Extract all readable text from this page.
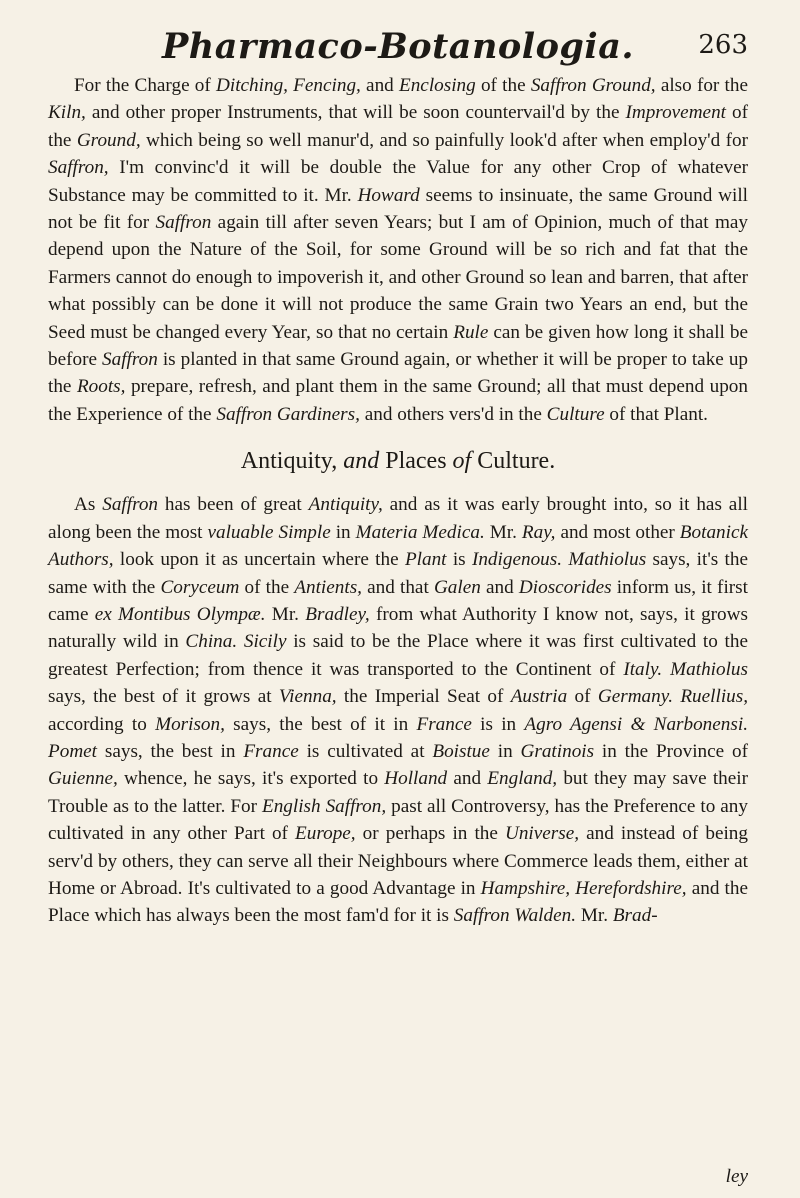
Pharmaco-Botanologia.	263

For the Charge of Ditching, Fencing, and Enclosing of the Saffron Ground, also for the Kiln, and other proper Instruments, that will be soon countervail'd by the Improvement of the Ground, which being so well manur'd, and so painfully look'd after when employ'd for Saffron, I'm convinc'd it will be double the Value for any other Crop of whatever Substance may be committed to it. Mr. Howard seems to insinuate, the same Ground will not be fit for Saffron again till after seven Years; but I am of Opinion, much of that may depend upon the Nature of the Soil, for some Ground will be so rich and fat that the Farmers cannot do enough to impoverish it, and other Ground so lean and barren, that after what possibly can be done it will not produce the same Grain two Years an end, but the Seed must be changed every Year, so that no certain Rule can be given how long it shall be before Saffron is planted in that same Ground again, or whether it will be proper to take up the Roots, prepare, refresh, and plant them in the same Ground; all that must depend upon the Experience of the Saffron Gardiners, and others vers'd in the Culture of that Plant.

Antiquity, and Places of Culture.

As Saffron has been of great Antiquity, and as it was early brought into, so it has all along been the most valuable Simple in Materia Medica. Mr. Ray, and most other Botanick Authors, look upon it as uncertain where the Plant is Indigenous. Mathiolus says, it's the same with the Coryceum of the Antients, and that Galen and Dioscorides inform us, it first came ex Montibus Olympæ. Mr. Bradley, from what Authority I know not, says, it grows naturally wild in China. Sicily is said to be the Place where it was first cultivated to the greatest Perfection; from thence it was transported to the Continent of Italy. Mathiolus says, the best of it grows at Vienna, the Imperial Seat of Austria of Germany. Ruellius, according to Morison, says, the best of it in France is in Agro Agensi & Narbonensi. Pomet says, the best in France is cultivated at Boistue in Gratinois in the Province of Guienne, whence, he says, it's exported to Holland and England, but they may save their Trouble as to the latter. For English Saffron, past all Controversy, has the Preference to any cultivated in any other Part of Europe, or perhaps in the Universe, and instead of being serv'd by others, they can serve all their Neighbours where Commerce leads them, either at Home or Abroad. It's cultivated to a good Advantage in Hampshire, Herefordshire, and the Place which has always been the most fam'd for it is Saffron Walden. Mr. Brad-

ley
